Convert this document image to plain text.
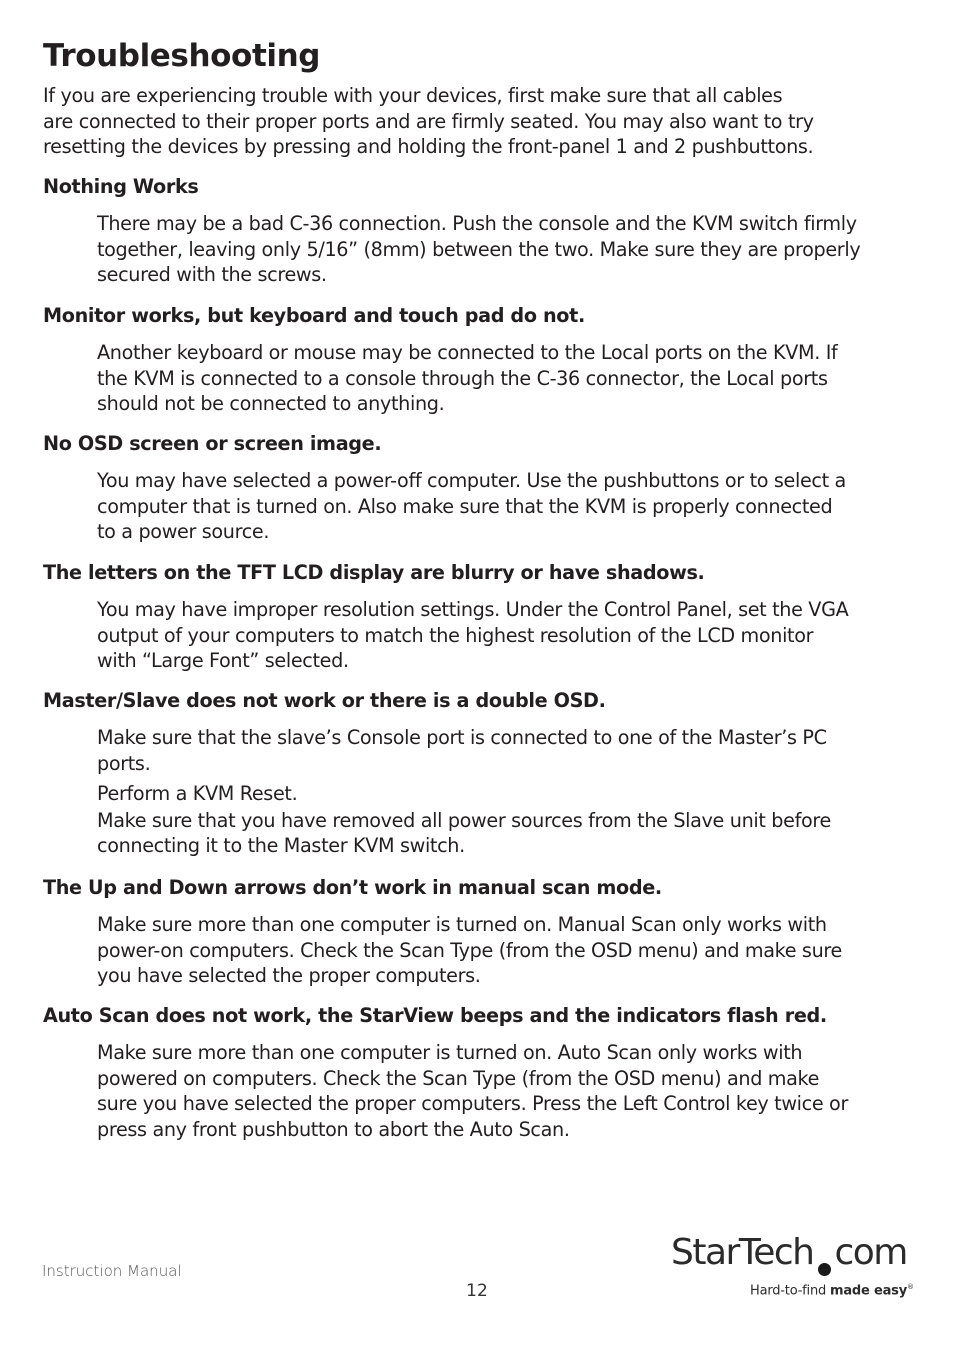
Troubleshooting

If you are experiencing trouble with your devices, first make sure that all cables
are connected to their proper ports and are firmly seated. You may also want to try
resetting the devices by pressing and holding the front-panel 1 and 2 pushbuttons.

Nothing Works

There may be a bad C-36 connection. Push the console and the KVM switch firmly
together, leaving only 5/16” (8mm) between the two. Make sure they are properly
secured with the screws.

Monitor works, but keyboard and touch pad do not.

Another keyboard or mouse may be connected to the Local ports on the KVM. If
the KVM is connected to a console through the C-36 connector, the Local ports
should not be connected to anything.

No OSD screen or screen image.

You may have selected a power-off computer. Use the pushbuttons or to select a
computer that is turned on. Also make sure that the KVM is properly connected
to a power source.

The letters on the TFT LCD display are blurry or have shadows.

You may have improper resolution settings. Under the Control Panel, set the VGA
output of your computers to match the highest resolution of the LCD monitor
with “Large Font” selected.

Master/Slave does not work or there is a double OSD.

Make sure that the slave’s Console port is connected to one of the Master’s PC
ports.
Perform a KVM Reset.
Make sure that you have removed all power sources from the Slave unit before
connecting it to the Master KVM switch.

The Up and Down arrows don’t work in manual scan mode.

Make sure more than one computer is turned on. Manual Scan only works with
power-on computers. Check the Scan Type (from the OSD menu) and make sure
you have selected the proper computers.

Auto Scan does not work, the StarView beeps and the indicators flash red.

Make sure more than one computer is turned on. Auto Scan only works with
powered on computers. Check the Scan Type (from the OSD menu) and make
sure you have selected the proper computers. Press the Left Control key twice or
press any front pushbutton to abort the Auto Scan.

Instruction Manual
12
StarTech com
Hard-to-find made easy®
